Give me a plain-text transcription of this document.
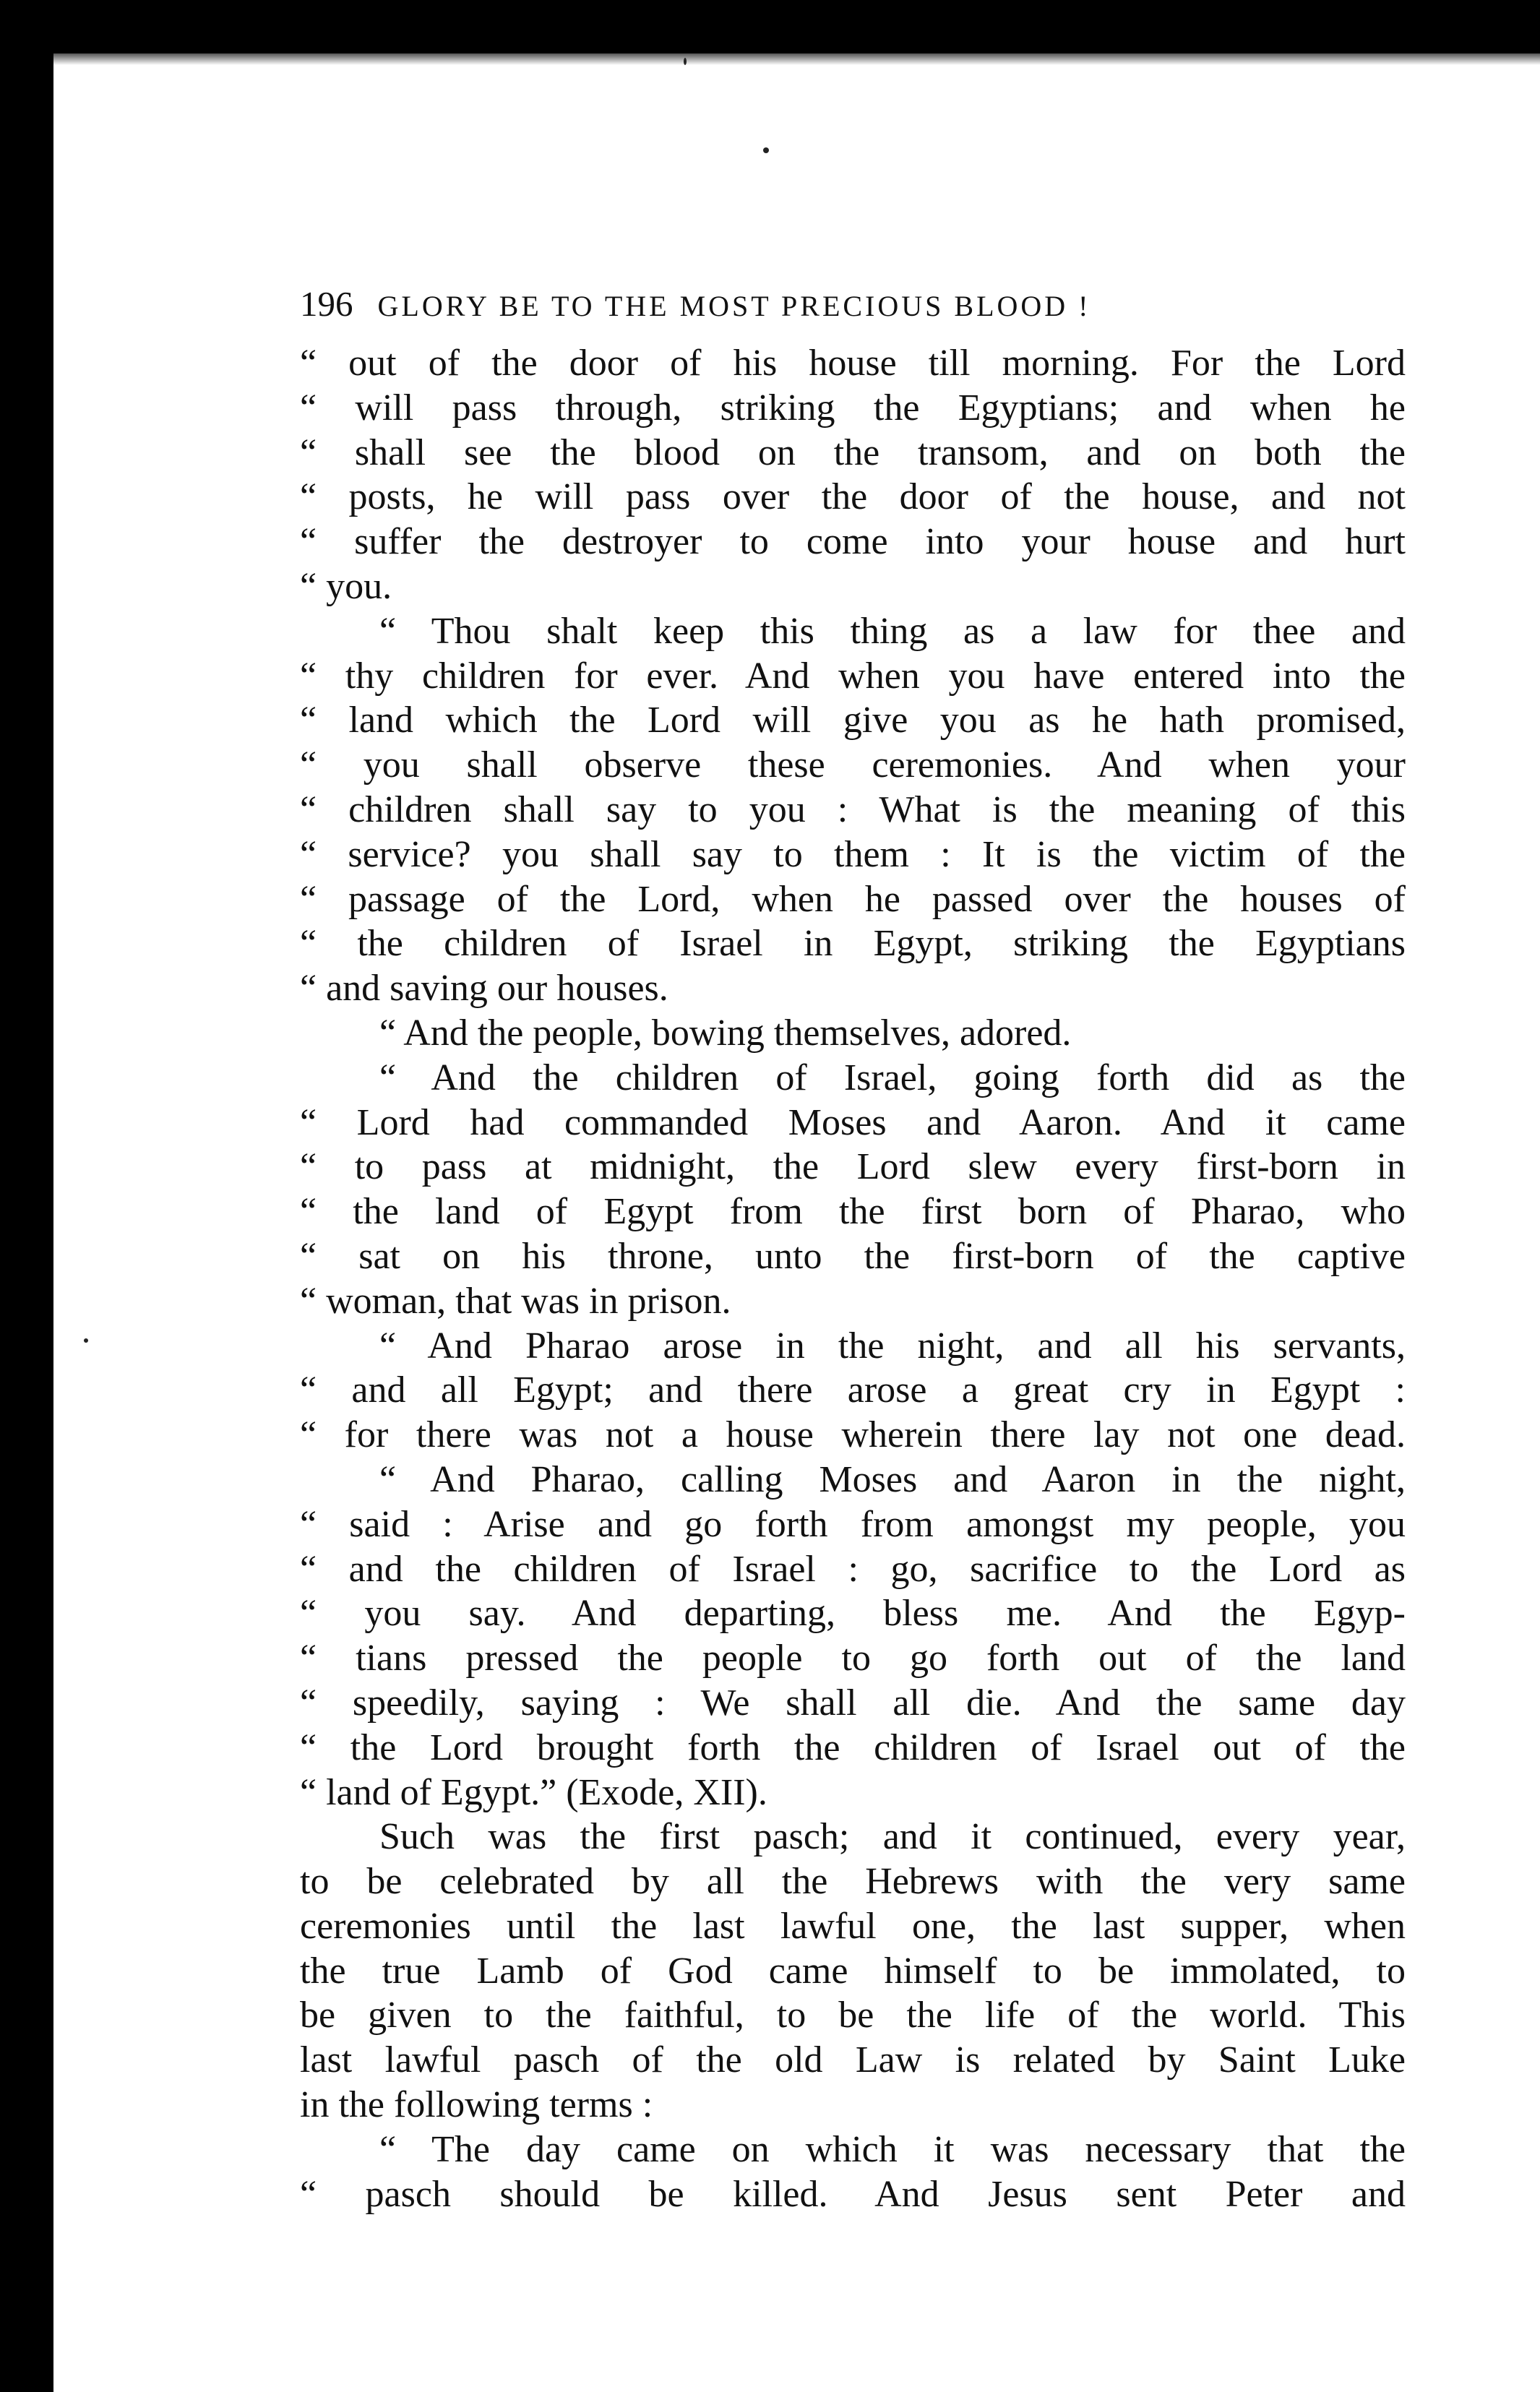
196 GLORY BE TO THE MOST PRECIOUS BLOOD !
“ out of the door of his house till morning. For the Lord
“ will pass through, striking the Egyptians; and when he
“ shall see the blood on the transom, and on both the
“ posts, he will pass over the door of the house, and not
“ suffer the destroyer to come into your house and hurt
“ you.
“ Thou shalt keep this thing as a law for thee and
“ thy children for ever. And when you have entered into the
“ land which the Lord will give you as he hath promised,
“ you shall observe these ceremonies. And when your
“ children shall say to you : What is the meaning of this
“ service? you shall say to them : It is the victim of the
“ passage of the Lord, when he passed over the houses of
“ the children of Israel in Egypt, striking the Egyptians
“ and saving our houses.
“ And the people, bowing themselves, adored.
“ And the children of Israel, going forth did as the
“ Lord had commanded Moses and Aaron. And it came
“ to pass at midnight, the Lord slew every first-born in
“ the land of Egypt from the first born of Pharao, who
“ sat on his throne, unto the first-born of the captive
“ woman, that was in prison.
“ And Pharao arose in the night, and all his servants,
“ and all Egypt; and there arose a great cry in Egypt :
“ for there was not a house wherein there lay not one dead.
“ And Pharao, calling Moses and Aaron in the night,
“ said : Arise and go forth from amongst my people, you
“ and the children of Israel : go, sacrifice to the Lord as
“ you say. And departing, bless me. And the Egyp-
“ tians pressed the people to go forth out of the land
“ speedily, saying : We shall all die. And the same day
“ the Lord brought forth the children of Israel out of the
“ land of Egypt.” (Exode, XII).
Such was the first pasch; and it continued, every year,
to be celebrated by all the Hebrews with the very same
ceremonies until the last lawful one, the last supper, when
the true Lamb of God came himself to be immolated, to
be given to the faithful, to be the life of the world. This
last lawful pasch of the old Law is related by Saint Luke
in the following terms :
“ The day came on which it was necessary that the
“ pasch should be killed. And Jesus sent Peter and
